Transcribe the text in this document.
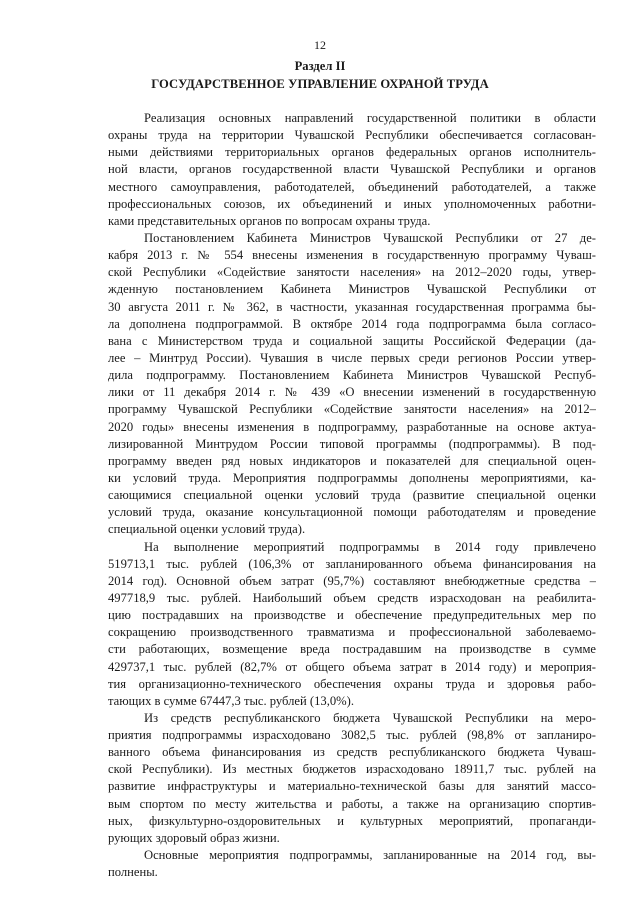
12
Раздел II
ГОСУДАРСТВЕННОЕ УПРАВЛЕНИЕ ОХРАНОЙ ТРУДА
Реализация основных направлений государственной политики в области
охраны труда на территории Чувашской Республики обеспечивается согласован-
ными действиями территориальных органов федеральных органов исполнитель-
ной власти, органов государственной власти Чувашской Республики и органов
местного самоуправления, работодателей, объединений работодателей, а также
профессиональных союзов, их объединений и иных уполномоченных работни-
ками представительных органов по вопросам охраны труда.
Постановлением Кабинета Министров Чувашской Республики от 27 де-
кабря 2013 г. № 554 внесены изменения в государственную программу Чуваш-
ской Республики «Содействие занятости населения» на 2012–2020 годы, утвер-
жденную постановлением Кабинета Министров Чувашской Республики от
30 августа 2011 г. № 362, в частности, указанная государственная программа бы-
ла дополнена подпрограммой. В октябре 2014 года подпрограмма была согласо-
вана с Министерством труда и социальной защиты Российской Федерации (да-
лее – Минтруд России). Чувашия в числе первых среди регионов России утвер-
дила подпрограмму. Постановлением Кабинета Министров Чувашской Респуб-
лики от 11 декабря 2014 г. № 439 «О внесении изменений в государственную
программу Чувашской Республики «Содействие занятости населения» на 2012–
2020 годы» внесены изменения в подпрограмму, разработанные на основе актуа-
лизированной Минтрудом России типовой программы (подпрограммы). В под-
программу введен ряд новых индикаторов и показателей для специальной оцен-
ки условий труда. Мероприятия подпрограммы дополнены мероприятиями, ка-
сающимися специальной оценки условий труда (развитие специальной оценки
условий труда, оказание консультационной помощи работодателям и проведение
специальной оценки условий труда).
На выполнение мероприятий подпрограммы в 2014 году привлечено
519713,1 тыс. рублей (106,3% от запланированного объема финансирования на
2014 год). Основной объем затрат (95,7%) составляют внебюджетные средства –
497718,9 тыс. рублей. Наибольший объем средств израсходован на реабилита-
цию пострадавших на производстве и обеспечение предупредительных мер по
сокращению производственного травматизма и профессиональной заболеваемо-
сти работающих, возмещение вреда пострадавшим на производстве в сумме
429737,1 тыс. рублей (82,7% от общего объема затрат в 2014 году) и мероприя-
тия организационно-технического обеспечения охраны труда и здоровья рабо-
тающих в сумме 67447,3 тыс. рублей (13,0%).
Из средств республиканского бюджета Чувашской Республики на меро-
приятия подпрограммы израсходовано 3082,5 тыс. рублей (98,8% от запланиро-
ванного объема финансирования из средств республиканского бюджета Чуваш-
ской Республики). Из местных бюджетов израсходовано 18911,7 тыс. рублей на
развитие инфраструктуры и материально-технической базы для занятий массо-
вым спортом по месту жительства и работы, а также на организацию спортив-
ных, физкультурно-оздоровительных и культурных мероприятий, пропаганди-
рующих здоровый образ жизни.
Основные мероприятия подпрограммы, запланированные на 2014 год, вы-
полнены.
